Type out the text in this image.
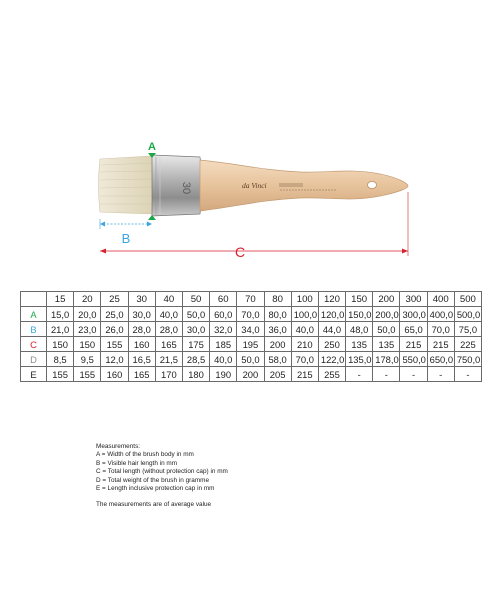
30	da Vinci
A
B
C
	15	20	25	30	40	50	60	70	80	100	120	150	200	300	400	500
A	15,0	20,0	25,0	30,0	40,0	50,0	60,0	70,0	80,0	100,0	120,0	150,0	200,0	300,0	400,0	500,0
B	21,0	23,0	26,0	28,0	28,0	30,0	32,0	34,0	36,0	40,0	44,0	48,0	50,0	65,0	70,0	75,0
C	150	150	155	160	165	175	185	195	200	210	250	135	135	215	215	225
D	8,5	9,5	12,0	16,5	21,5	28,5	40,0	50,0	58,0	70,0	122,0	135,0	178,0	550,0	650,0	750,0
E	155	155	160	165	170	180	190	200	205	215	255	-	-	-	-	-
Measurements:
A = Width of the brush body in mm
B = Visible hair length in mm
C = Total length (without protection cap) in mm
D = Total weight of the brush in gramme
E = Length inclusive protection cap in mm
The measurements are of average value
